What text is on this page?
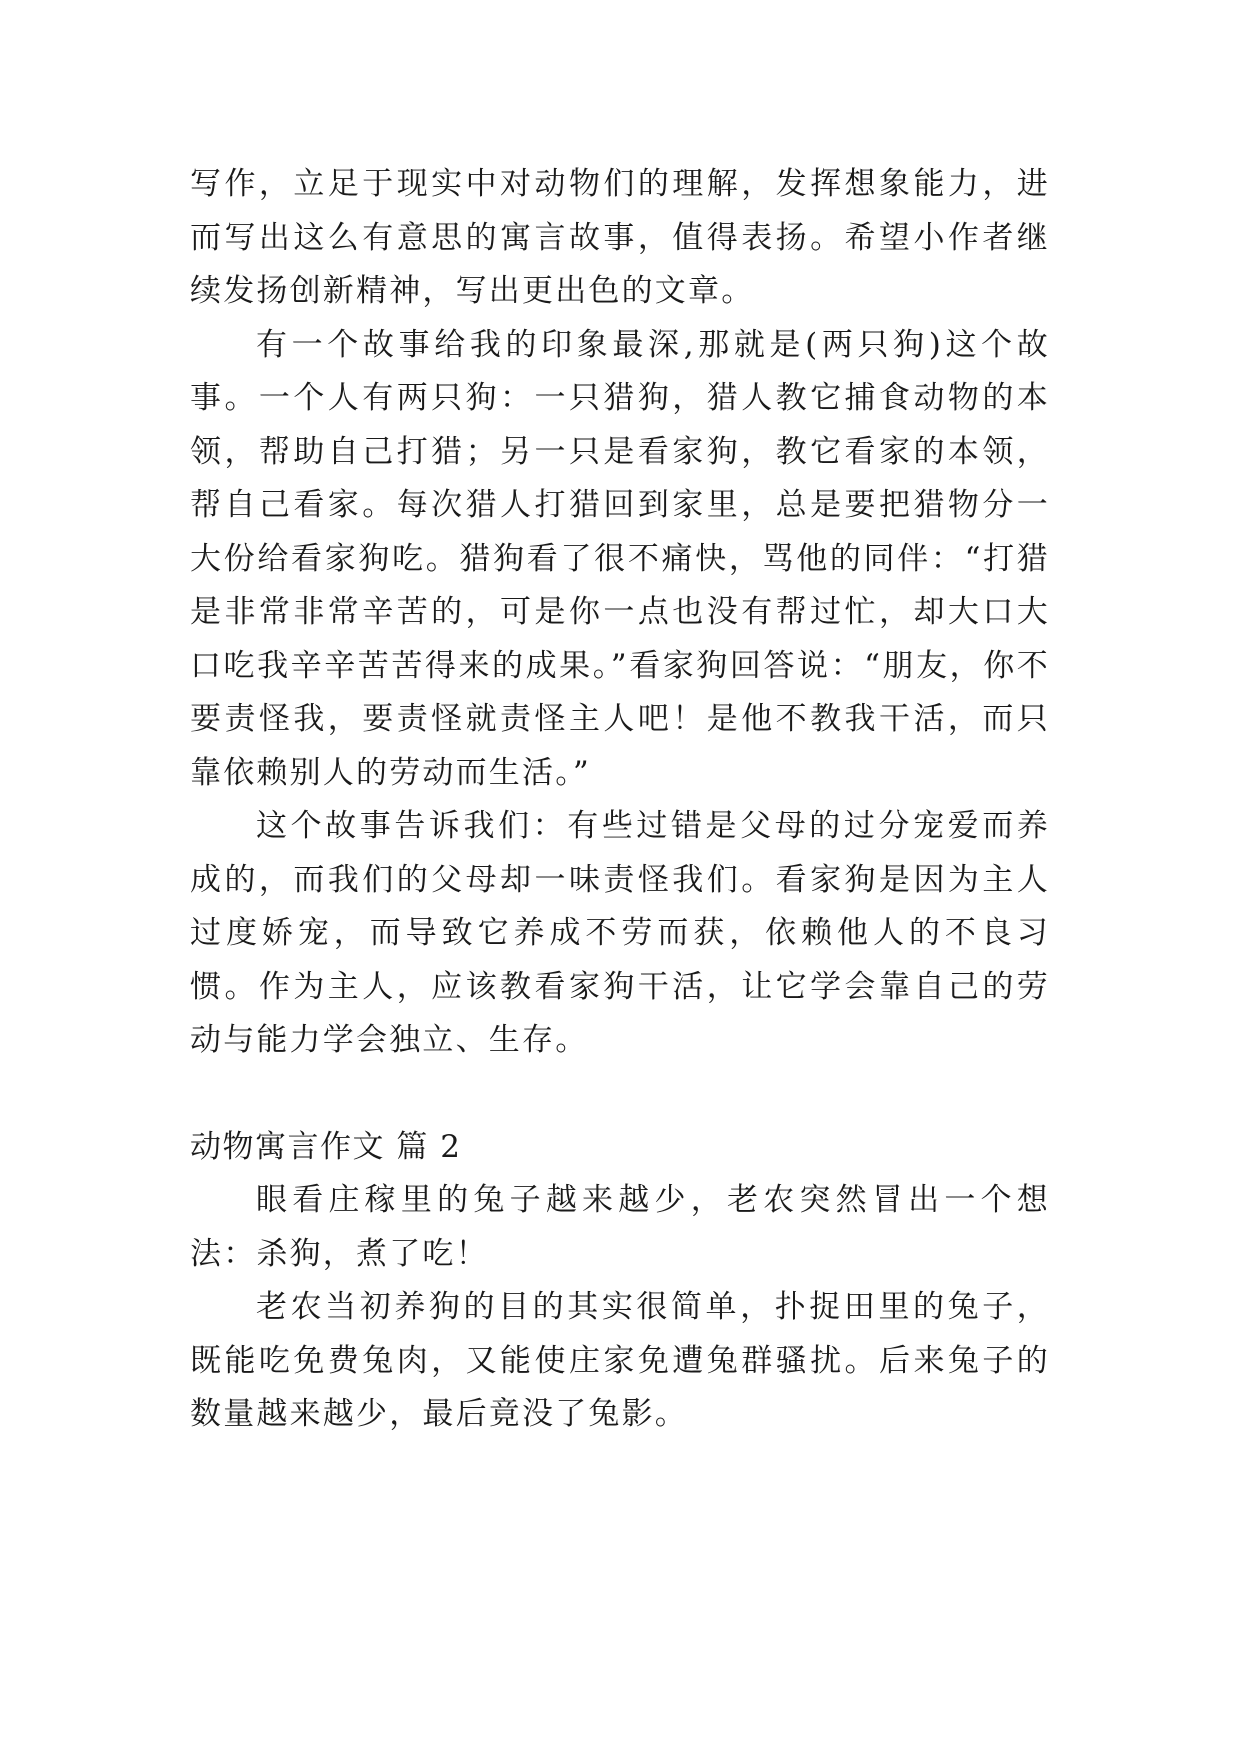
写作，立足于现实中对动物们的理解，发挥想象能力，进而写出这么有意思的寓言故事，值得表扬。希望小作者继续发扬创新精神，写出更出色的文章。

有一个故事给我的印象最深,那就是(两只狗)这个故事。一个人有两只狗：一只猎狗，猎人教它捕食动物的本领，帮助自己打猎；另一只是看家狗，教它看家的本领，帮自己看家。每次猎人打猎回到家里，总是要把猎物分一大份给看家狗吃。猎狗看了很不痛快，骂他的同伴：“打猎是非常非常辛苦的，可是你一点也没有帮过忙，却大口大口吃我辛辛苦苦得来的成果。”看家狗回答说：“朋友，你不要责怪我，要责怪就责怪主人吧！是他不教我干活，而只靠依赖别人的劳动而生活。”

这个故事告诉我们：有些过错是父母的过分宠爱而养成的，而我们的父母却一味责怪我们。看家狗是因为主人过度娇宠，而导致它养成不劳而获，依赖他人的不良习惯。作为主人，应该教看家狗干活，让它学会靠自己的劳动与能力学会独立、生存。

动物寓言作文 篇 2

眼看庄稼里的兔子越来越少，老农突然冒出一个想法：杀狗，煮了吃！

老农当初养狗的目的其实很简单，扑捉田里的兔子，既能吃免费兔肉，又能使庄家免遭兔群骚扰。后来兔子的数量越来越少，最后竟没了兔影。
